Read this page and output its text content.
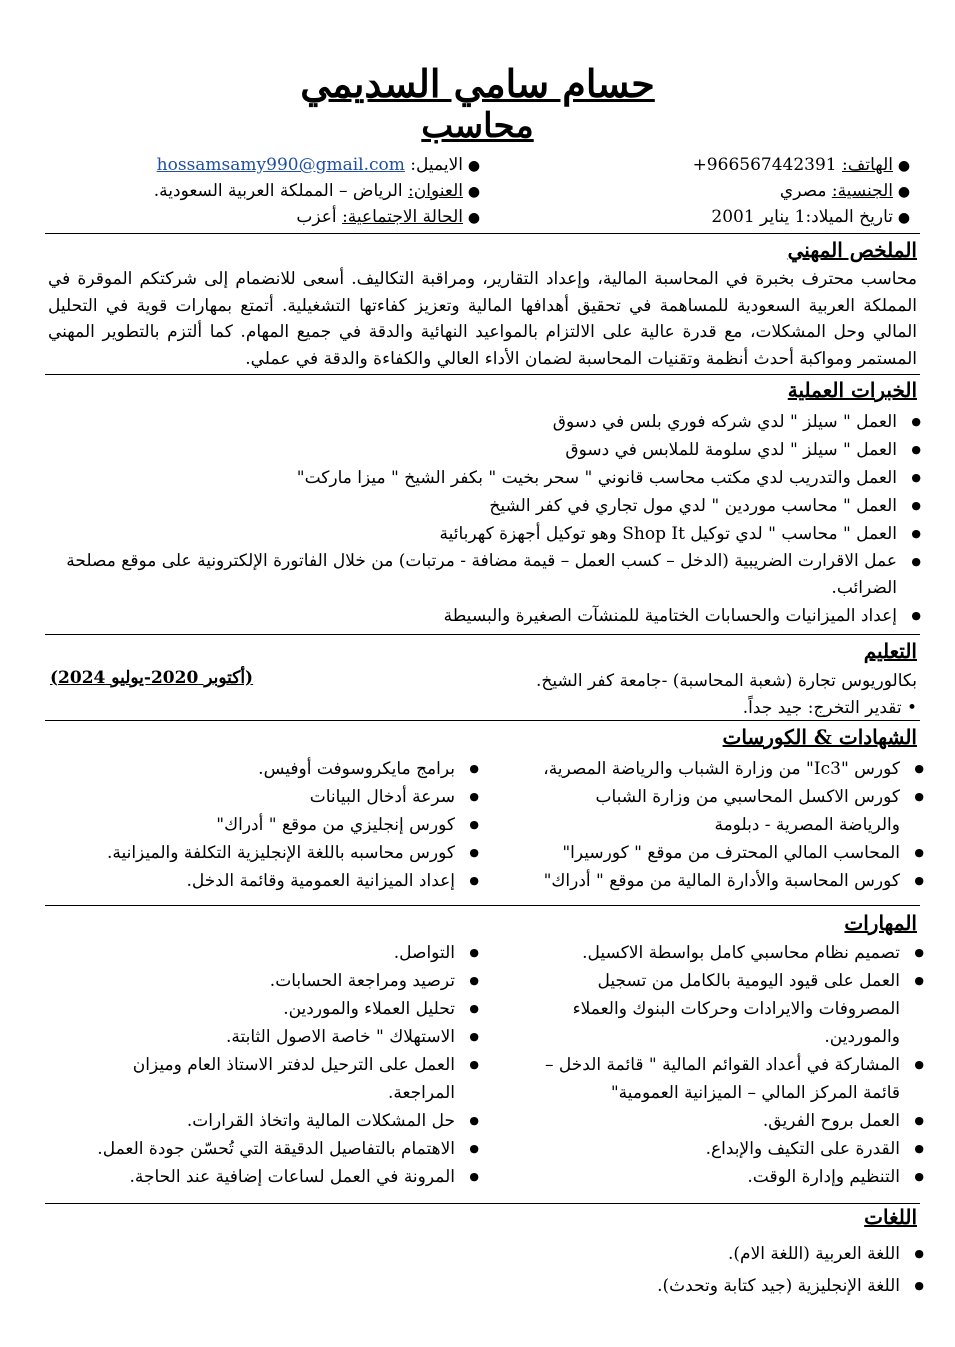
حسام سامي السديمي
محاسب
●الهاتف: +966567442391
●الجنسية: مصري
●تاريخ الميلاد:1 يناير 2001
●الايميل: hossamsamy990@gmail.com
●العنوان: الرياض – المملكة العربية السعودية.
●الحالة الاجتماعية: أعزب
الملخص المهني
محاسب محترف بخبرة في المحاسبة المالية، وإعداد التقارير، ومراقبة التكاليف. أسعى للانضمام إلى شركتكم الموقرة في المملكة العربية السعودية للمساهمة في تحقيق أهدافها المالية وتعزيز كفاءتها التشغيلية. أتمتع بمهارات قوية في التحليل المالي وحل المشكلات، مع قدرة عالية على الالتزام بالمواعيد النهائية والدقة في جميع المهام. كما ألتزم بالتطوير المهني المستمر ومواكبة أحدث أنظمة وتقنيات المحاسبة لضمان الأداء العالي والكفاءة والدقة في عملي.
الخبرات العملية
● العمل " سيلز " لدي شركه فوري بلس في دسوق
● العمل " سيلز " لدي سلومة للملابس في دسوق
● العمل والتدريب لدي مكتب محاسب قانوني " سحر بخيت " بكفر الشيخ " ميزا ماركت"
● العمل " محاسب موردين " لدي مول تجاري في كفر الشيخ
● العمل " محاسب " لدي توكيل Shop It وهو توكيل أجهزة كهربائية
● عمل الاقرارت الضريبية (الدخل – كسب العمل – قيمة مضافة - مرتبات) من خلال الفاتورة الإلكترونية على موقع مصلحة الضرائب.
● إعداد الميزانيات والحسابات الختامية للمنشآت الصغيرة والبسيطة
التعليم
بكالوريوس تجارة (شعبة المحاسبة) -جامعة كفر الشيخ.
• تقدير التخرج: جيد جداً.
(أكتوبر 2020-يوليو 2024)
الشهادات & الكورسات
● كورس "Ic3" من وزارة الشباب والرياضة المصرية،
● كورس الاكسل المحاسبي من وزارة الشباب والرياضة المصرية - دبلومة
● المحاسب المالي المحترف من موقع " كورسيرا"
● كورس المحاسبة والأدارة المالية من موقع " أدراك"
● برامج مايكروسوفت أوفيس.
● سرعة أدخال البيانات
● كورس إنجليزي من موقع " أدراك"
● كورس محاسبه باللغة الإنجليزية التكلفة والميزانية.
● إعداد الميزانية العمومية وقائمة الدخل.
المهارات
● تصميم نظام محاسبي كامل بواسطة الاكسيل.
● العمل على قيود اليومية بالكامل من تسجيل المصروفات والايرادات وحركات البنوك والعملاء والموردين.
● المشاركة في أعداد القوائم المالية " قائمة الدخل – قائمة المركز المالي – الميزانية العمومية"
● العمل بروح الفريق.
● القدرة على التكيف والإبداع.
● التنظيم وإدارة الوقت.
● التواصل.
● ترصيد ومراجعة الحسابات.
● تحليل العملاء والموردين.
● الاستهلاك " خاصة الاصول الثابتة.
● العمل على الترحيل لدفتر الاستاذ العام وميزان المراجعة.
● حل المشكلات المالية واتخاذ القرارات.
● الاهتمام بالتفاصيل الدقيقة التي تُحسّن جودة العمل.
● المرونة في العمل لساعات إضافية عند الحاجة.
اللغات
● اللغة العربية (اللغة الام).
● اللغة الإنجليزية (جيد كتابة وتحدث).
